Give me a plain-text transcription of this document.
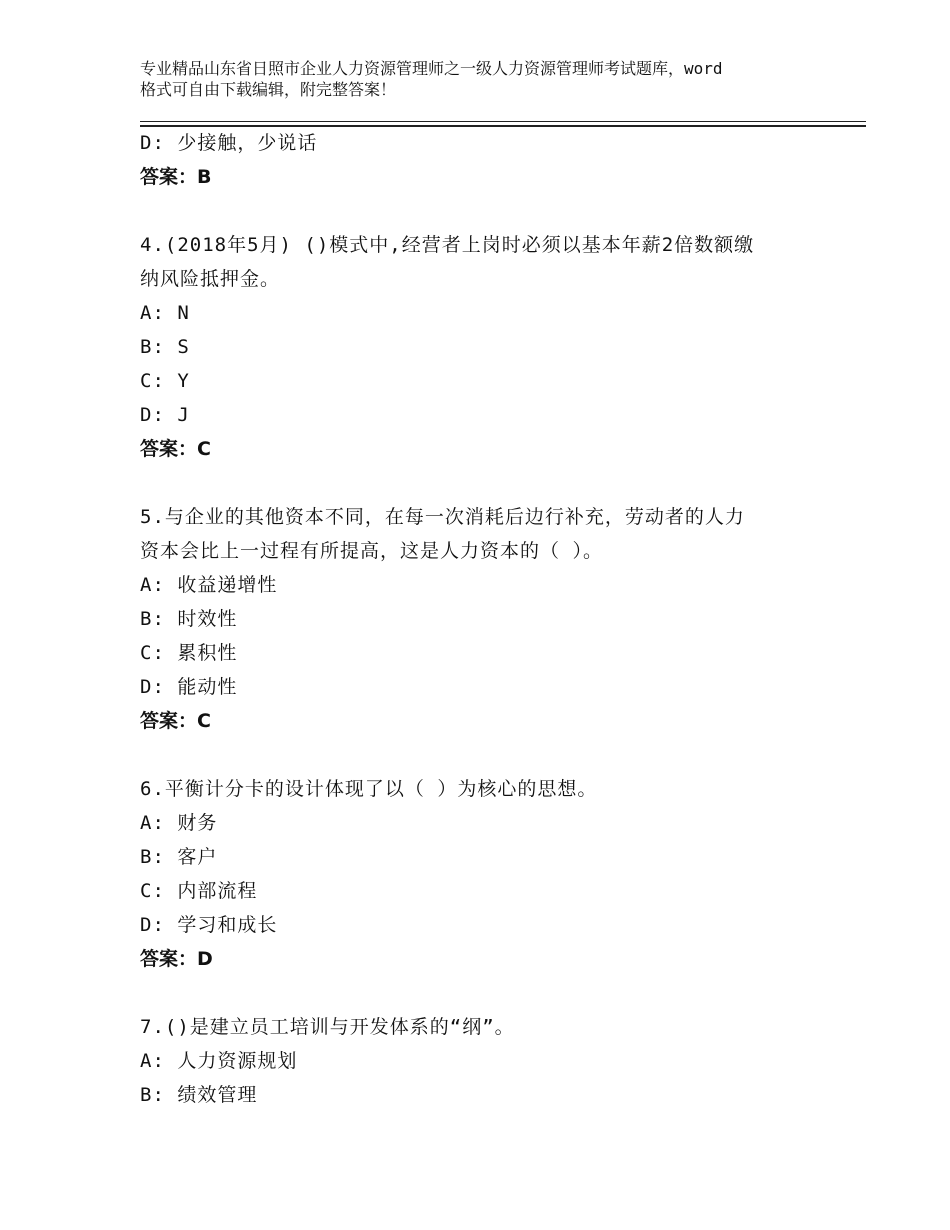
专业精品山东省日照市企业人力资源管理师之一级人力资源管理师考试题库，word
格式可自由下载编辑，附完整答案！
D: 少接触，少说话
答案：B
4.(2018年5月) ()模式中,经营者上岗时必须以基本年薪2倍数额缴
纳风险抵押金。
A: N
B: S
C: Y
D: J
答案：C
5.与企业的其他资本不同，在每一次消耗后边行补充，劳动者的人力
资本会比上一过程有所提高，这是人力资本的（ ）。
A: 收益递增性
B: 时效性
C: 累积性
D: 能动性
答案：C
6.平衡计分卡的设计体现了以（ ）为核心的思想。
A: 财务
B: 客户
C: 内部流程
D: 学习和成长
答案：D
7.()是建立员工培训与开发体系的“纲”。
A: 人力资源规划
B: 绩效管理
